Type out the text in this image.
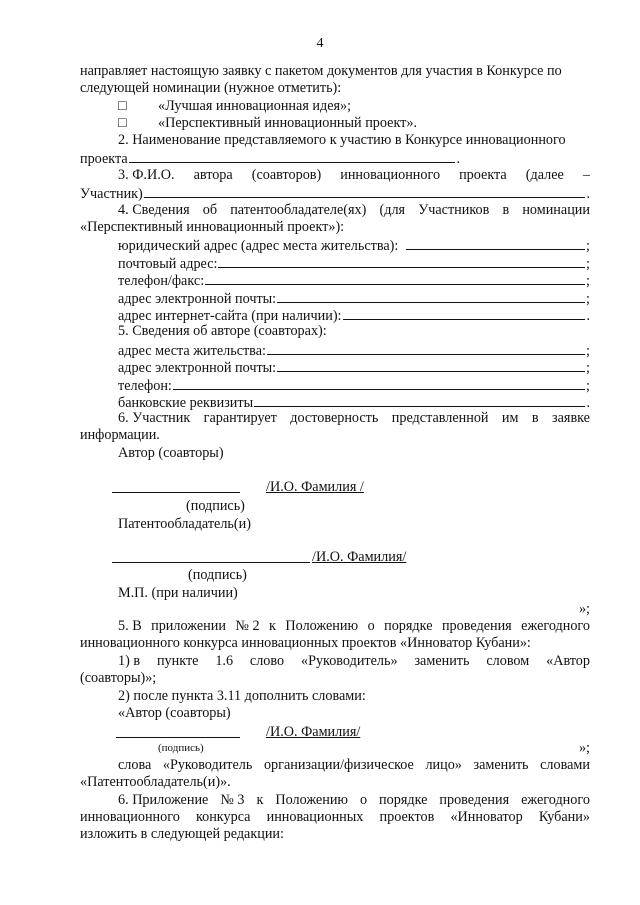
4
направляет настоящую заявку с пакетом документов для участия в Конкурсе по
следующей номинации (нужное отметить):
□ «Лучшая инновационная идея»;
□ «Перспективный инновационный проект».
2. Наименование представляемого к участию в Конкурсе инновационного
проекта	.
3. Ф.И.О. автора (соавторов) инновационного проекта (далее –
Участник)	.
4. Сведения об патентообладателе(ях) (для Участников в номинации
«Перспективный инновационный проект»):
юридический адрес (адрес места жительства):	;
почтовый адрес:	;
телефон/факс:	;
адрес электронной почты:	;
адрес интернет-сайта (при наличии):	.
5. Сведения об авторе (соавторах):
адрес места жительства:	;
адрес электронной почты:	;
телефон:	;
банковские реквизиты	.
6. Участник гарантирует достоверность представленной им в заявке
информации.
Автор (соавторы)
/И.О. Фамилия /
(подпись)
Патентообладатель(и)
/И.О. Фамилия/
(подпись)
М.П. (при наличии)
»;
5. В приложении № 2 к Положению о порядке проведения ежегодного
инновационного конкурса инновационных проектов «Инноватор Кубани»:
1) в пункте 1.6 слово «Руководитель» заменить словом «Автор
(соавторы)»;
2) после пункта 3.11 дополнить словами:
«Автор (соавторы)
/И.О. Фамилия/
(подпись)	»;
слова «Руководитель организации/физическое лицо» заменить словами
«Патентообладатель(и)».
6. Приложение № 3 к Положению о порядке проведения ежегодного
инновационного конкурса инновационных проектов «Инноватор Кубани»
изложить в следующей редакции:
